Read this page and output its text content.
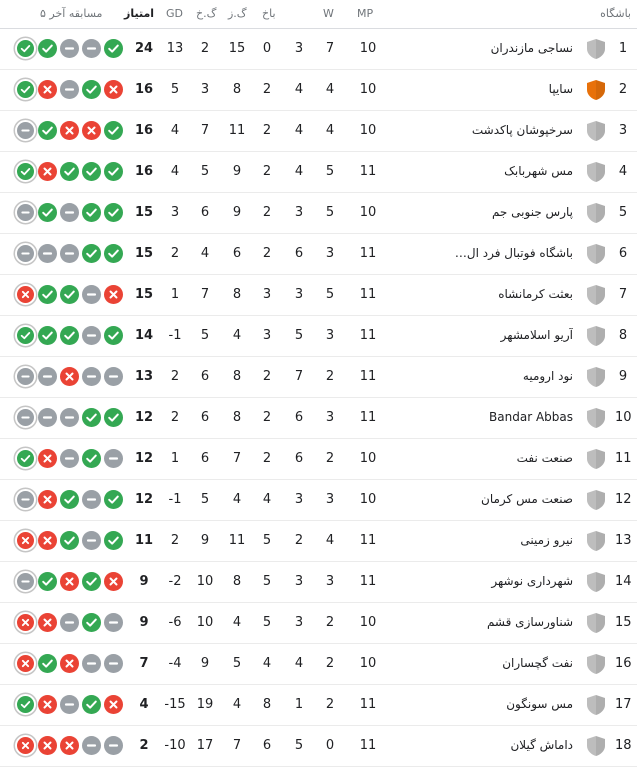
باشگاه
MP
W
باخ
گ.ز
گ.خ
GD
امتیاز
۵ مسابقه آخر
1
نساجی مازندران
10
7
3
0
15
2
13
24
2
سایپا
10
4
4
2
8
3
5
16
3
سرخپوشان پاکدشت
10
4
4
2
11
7
4
16
4
مس شهربابک
11
5
4
2
9
5
4
16
5
پارس جنوبی جم
10
5
3
2
9
6
3
15
6
باشگاه فوتبال فرد ال…
11
3
6
2
6
4
2
15
7
بعثت کرمانشاه
11
5
3
3
8
7
1
15
8
آریو اسلامشهر
11
3
5
3
4
5
-1
14
9
نود ارومیه
11
2
7
2
8
6
2
13
10
Bandar Abbas
11
3
6
2
8
6
2
12
11
صنعت نفت
10
2
6
2
7
6
1
12
12
صنعت مس کرمان
10
3
3
4
4
5
-1
12
13
نیرو زمینی
11
4
2
5
11
9
2
11
14
شهرداری نوشهر
11
3
3
5
8
10
-2
9
15
شناورسازی قشم
10
2
3
5
4
10
-6
9
16
نفت گچساران
10
2
4
4
5
9
-4
7
17
مس سونگون
11
2
1
8
4
19
-15
4
18
داماش گیلان
11
0
5
6
7
17
-10
2
